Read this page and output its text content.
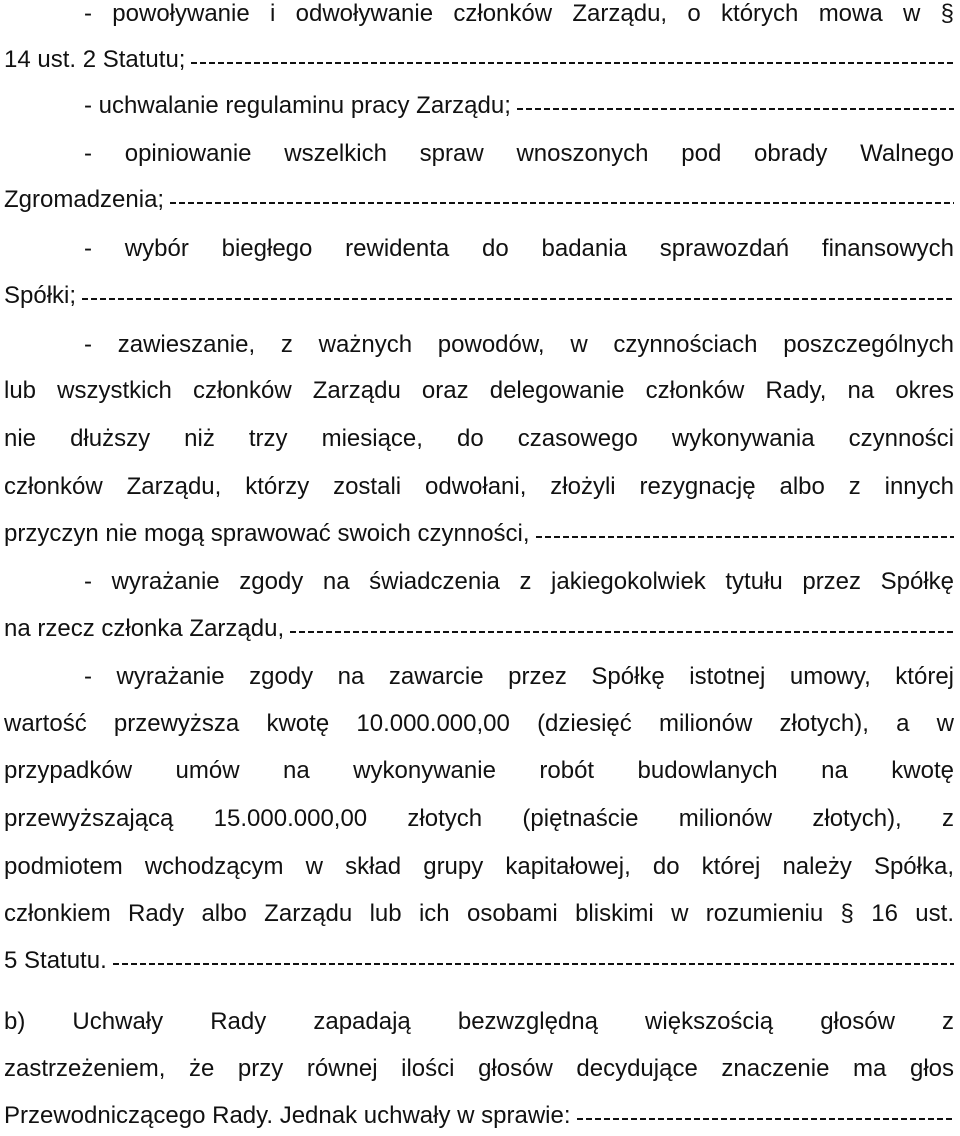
- powoływanie i odwoływanie członków Zarządu, o których mowa w §
14 ust. 2 Statutu;
- uchwalanie regulaminu pracy Zarządu;
- opiniowanie wszelkich spraw wnoszonych pod obrady Walnego
Zgromadzenia;
- wybór biegłego rewidenta do badania sprawozdań finansowych
Spółki;
- zawieszanie, z ważnych powodów, w czynnościach poszczególnych
lub wszystkich członków Zarządu oraz delegowanie członków Rady, na okres
nie dłuższy niż trzy miesiące, do czasowego wykonywania czynności
członków Zarządu, którzy zostali odwołani, złożyli rezygnację albo z innych
przyczyn nie mogą sprawować swoich czynności,
- wyrażanie zgody na świadczenia z jakiegokolwiek tytułu przez Spółkę
na rzecz członka Zarządu,
- wyrażanie zgody na zawarcie przez Spółkę istotnej umowy, której
wartość przewyższa kwotę 10.000.000,00 (dziesięć milionów złotych), a w
przypadków umów na wykonywanie robót budowlanych na kwotę
przewyższającą 15.000.000,00 złotych (piętnaście milionów złotych), z
podmiotem wchodzącym w skład grupy kapitałowej, do której należy Spółka,
członkiem Rady albo Zarządu lub ich osobami bliskimi w rozumieniu § 16 ust.
5 Statutu.
b) Uchwały Rady zapadają bezwzględną większością głosów z
zastrzeżeniem, że przy równej ilości głosów decydujące znaczenie ma głos
Przewodniczącego Rady. Jednak uchwały w sprawie:
